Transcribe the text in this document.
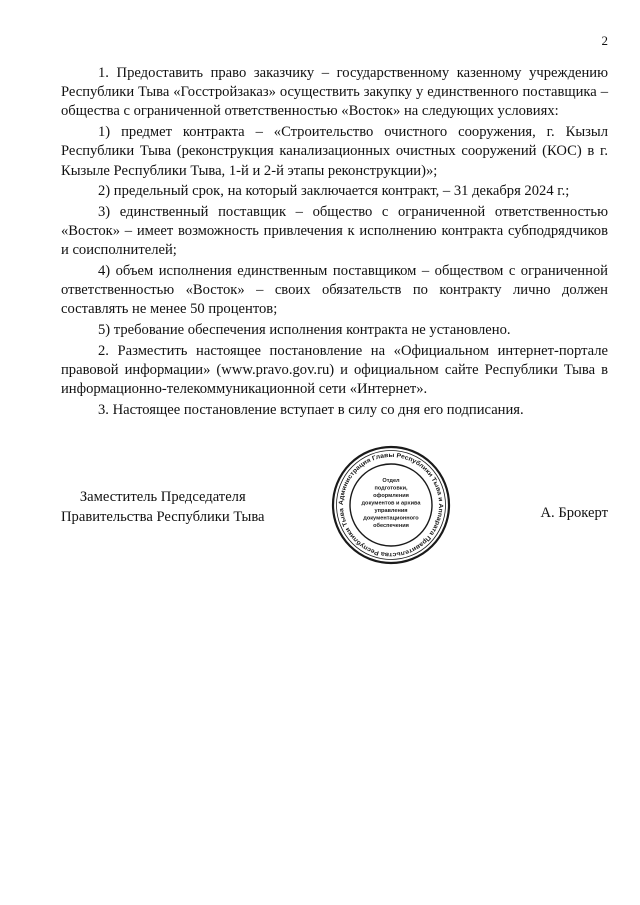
2

1. Предоставить право заказчику – государственному казенному учреждению Республики Тыва «Госстройзаказ» осуществить закупку у единственного поставщика – общества с ограниченной ответственностью «Восток» на следующих условиях:

1) предмет контракта – «Строительство очистного сооружения, г. Кызыл Республики Тыва (реконструкция канализационных очистных сооружений (КОС) в г. Кызыле Республики Тыва, 1-й и 2-й этапы реконструкции)»;

2) предельный срок, на который заключается контракт, – 31 декабря 2024 г.;

3) единственный поставщик – общество с ограниченной ответственностью «Восток» – имеет возможность привлечения к исполнению контракта субподрядчиков и соисполнителей;

4) объем исполнения единственным поставщиком – обществом с ограниченной ответственностью «Восток» – своих обязательств по контракту лично должен составлять не менее 50 процентов;

5) требование обеспечения исполнения контракта не установлено.

2. Разместить настоящее постановление на «Официальном интернет-портале правовой информации» (www.pravo.gov.ru) и официальном сайте Республики Тыва в информационно-телекоммуникационной сети «Интернет».

3. Настоящее постановление вступает в силу со дня его подписания.

Заместитель Председателя
Правительства Республики Тыва
Администрация Главы Республики Тыва и Аппарата Правительства Республики Тыва
Отдел
подготовки,
оформления
документов и архива
управления
документационного
обеспечения
А. Брокерт
